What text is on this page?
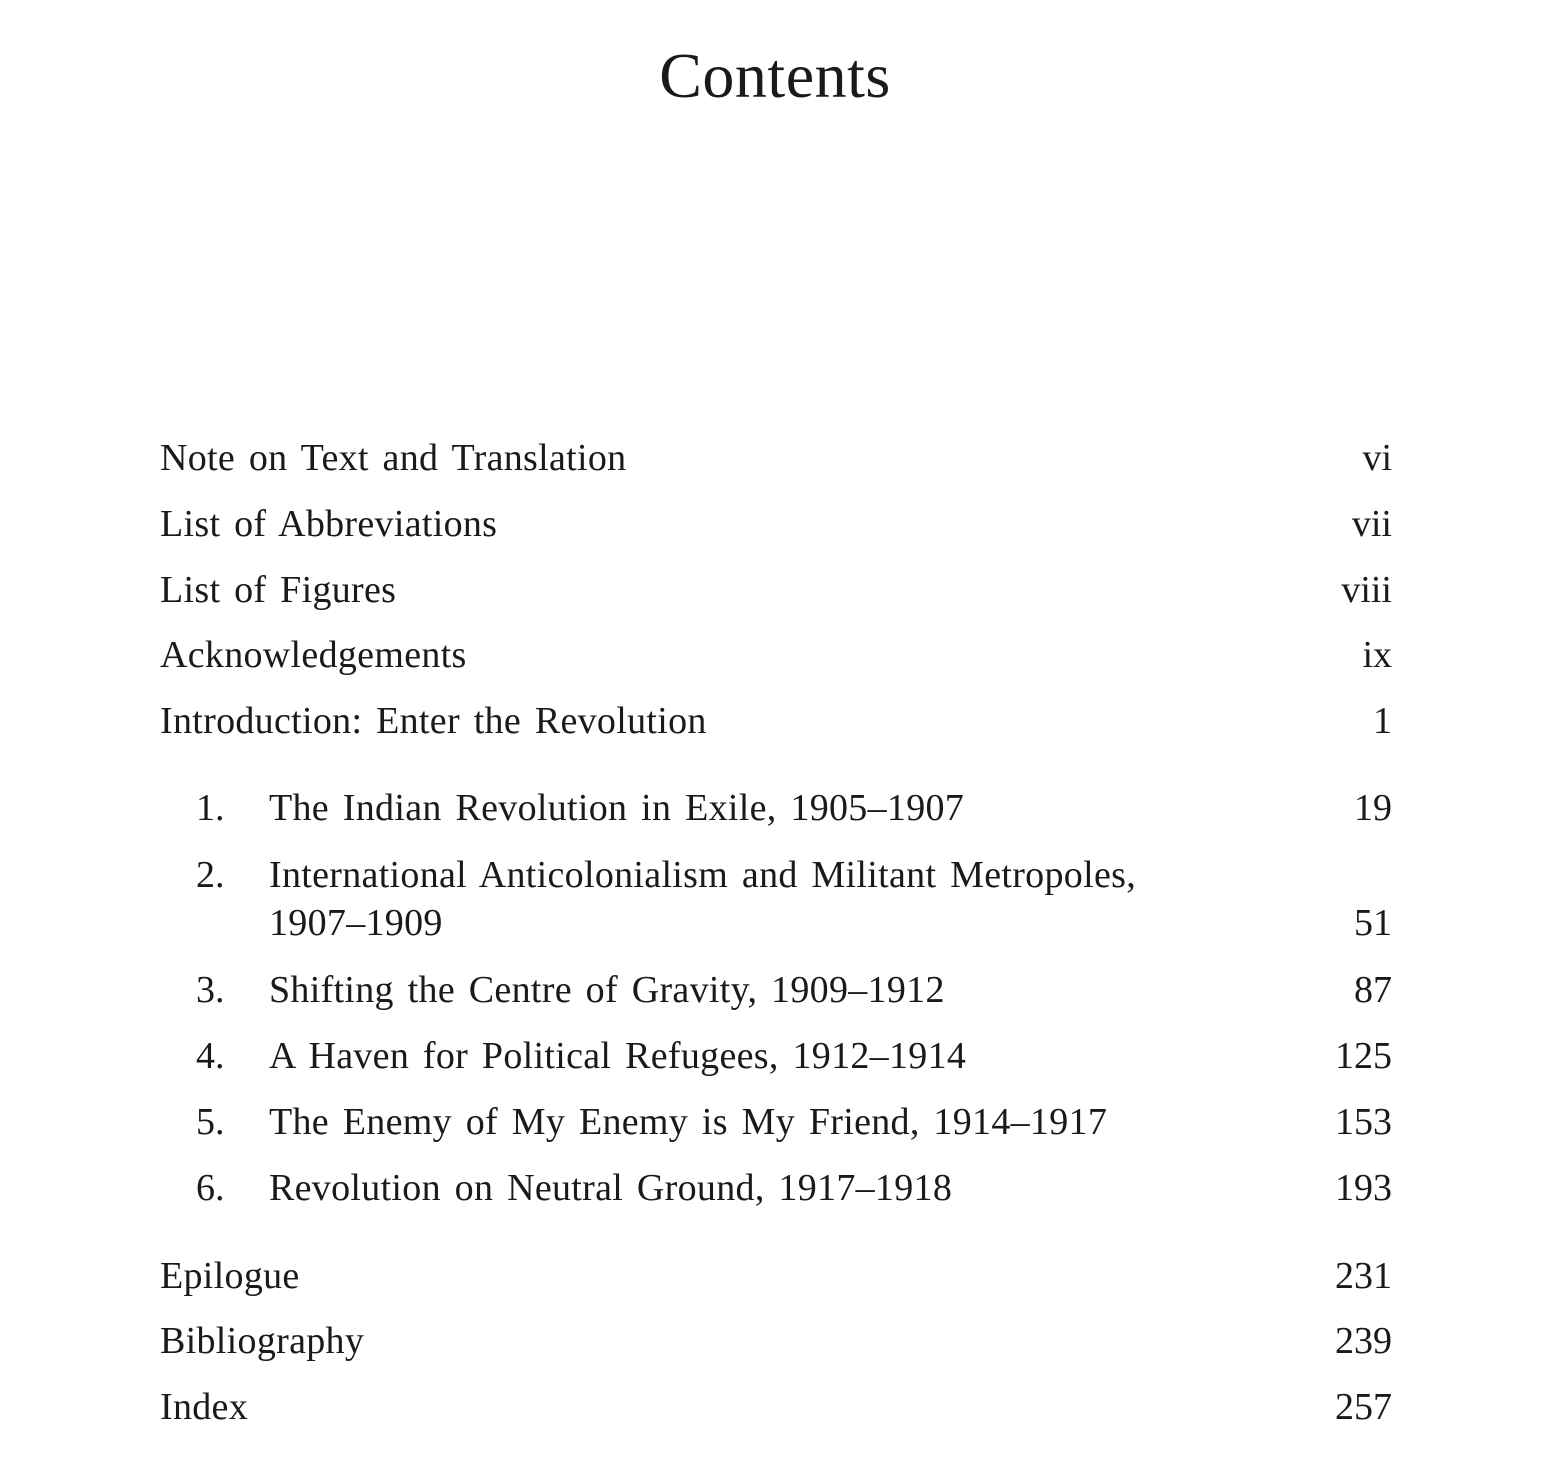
Contents
Note on Text and Translation	vi
List of Abbreviations	vii
List of Figures	viii
Acknowledgements	ix
Introduction: Enter the Revolution	1
1. The Indian Revolution in Exile, 1905–1907	19
2. International Anticolonialism and Militant Metropoles, 1907–1909	51
3. Shifting the Centre of Gravity, 1909–1912	87
4. A Haven for Political Refugees, 1912–1914	125
5. The Enemy of My Enemy is My Friend, 1914–1917	153
6. Revolution on Neutral Ground, 1917–1918	193
Epilogue	231
Bibliography	239
Index	257
